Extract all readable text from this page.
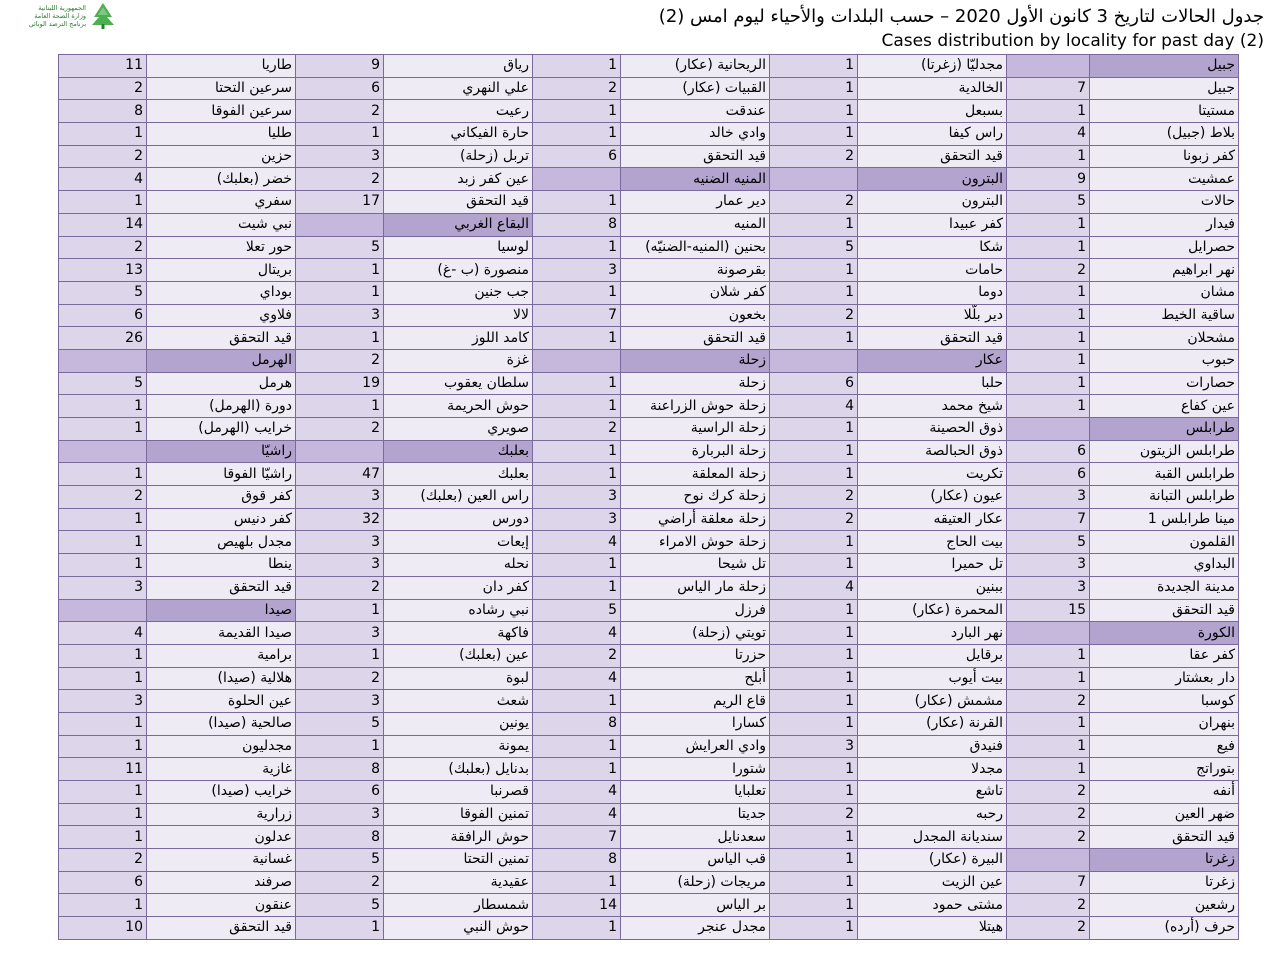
الجمهورية اللبنانية
وزارة الصحة العامة
برنامج الترصد الوبائي	جدول الحالات لتاريخ 3 كانون الأول 2020 – حسب البلدات والأحياء ليوم امس (2)
Cases distribution by locality for past day (2)
11	طاريا	9	رياق	1	الريحانية (عكار)	1	مجدليّا (زغرتا)		جبيل
2	سرعين التحتا	6	علي النهري	2	القبيات (عكار)	1	الخالدية	7	جبيل
8	سرعين الفوقا	2	رعيت	1	عندقت	1	بسبعل	1	مستيتا
1	طليا	1	حارة الفيكاني	1	وادي خالد	1	راس كيفا	4	بلاط (جبيل)
2	حزين	3	تربل (زحلة)	6	قيد التحقق	2	قيد التحقق	1	كفر زبونا
4	خضر (بعلبك)	2	عين كفر زبد		المنيه الضنيه		البترون	9	عمشيت
1	سفري	17	قيد التحقق	1	دير عمار	2	البترون	5	حالات
14	نبي شيت		البقاع الغربي	8	المنيه	1	كفر عبيدا	1	فيدار
2	حور تعلا	5	لوسيا	1	بحنين (المنيه-الضنيّه)	5	شكا	1	حصرايل
13	بريتال	1	منصورة (ب -غ)	3	بقرصونة	1	حامات	2	نهر ابراهيم
5	بوداي	1	جب جنين	1	كفر شلان	1	دوما	1	مشان
6	فلاوي	3	لالا	7	بخعون	2	دير بلّلا	1	ساقية الخيط
26	قيد التحقق	1	كامد اللوز	1	قيد التحقق	1	قيد التحقق	1	مشحلان
	الهرمل	2	غزة		زحلة		عكار	1	حبوب
5	هرمل	19	سلطان يعقوب	1	زحلة	6	حلبا	1	حصارات
1	دورة (الهرمل)	1	حوش الحريمة	1	زحلة حوش الزراعنة	4	شيخ محمد	1	عين كفاع
1	خرايب (الهرمل)	2	صويري	2	زحلة الراسية	1	ذوق الحصينة		طرابلس
	راشيّا		بعلبك	1	زحلة البربارة	1	ذوق الحبالصة	6	طرابلس الزيتون
1	راشيّا الفوقا	47	بعلبك	1	زحلة المعلقة	1	تكريت	6	طرابلس القبة
2	كفر قوق	3	راس العين (بعلبك)	3	زحلة كرك نوح	2	عيون (عكار)	3	طرابلس التبانة
1	كفر دنيس	32	دورس	3	زحلة معلقة أراضي	2	عكار العتيقه	7	مينا طرابلس 1
1	مجدل بلهيص	3	إيعات	4	زحلة حوش الامراء	1	بيت الحاج	5	القلمون
1	ينطا	3	نحله	1	تل شيحا	1	تل حميرا	3	البداوي
3	قيد التحقق	2	كفر دان	1	زحلة مار الياس	4	ببنين	3	مدينة الجديدة
	صيدا	1	نبي رشاده	5	فرزل	1	المحمرة (عكار)	15	قيد التحقق
4	صيدا القديمة	3	فاكهة	4	تويتي (زحلة)	1	نهر البارد		الكورة
1	برامية	1	عين (بعلبك)	2	حزرتا	1	برقايل	1	كفر عقا
1	هلالية (صيدا)	2	لبوة	4	أبلح	1	بيت أيوب	1	دار بعشتار
3	عين الحلوة	3	شعث	1	قاع الريم	1	مشمش (عكار)	2	كوسبا
1	صالحية (صيدا)	5	يونين	8	كسارا	1	القرنة (عكار)	1	بنهران
1	مجدليون	1	يمونة	1	وادي العرايش	3	فنيدق	1	فيع
11	غازية	8	بدنايل (بعلبك)	1	شتورا	1	مجدلا	1	بتوراتج
1	خرايب (صيدا)	6	قصرنبا	4	تعلبايا	1	تاشع	2	أنفه
1	زرارية	3	تمنين الفوقا	4	جديتا	2	رحبه	2	ضهر العين
1	عدلون	8	حوش الرافقة	7	سعدنايل	1	سنديانة المجدل	2	قيد التحقق
2	غسانية	5	تمنين التحتا	8	قب الياس	1	البيرة (عكار)		زغرتا
6	صرفند	2	عقيدية	1	مريجات (زحلة)	1	عين الزيت	7	زغرتا
1	عنقون	5	شمسطار	14	بر الياس	1	مشتى حمود	2	رشعين
10	قيد التحقق	1	حوش النبي	1	مجدل عنجر	1	هيتلا	2	حرف (أرده)
